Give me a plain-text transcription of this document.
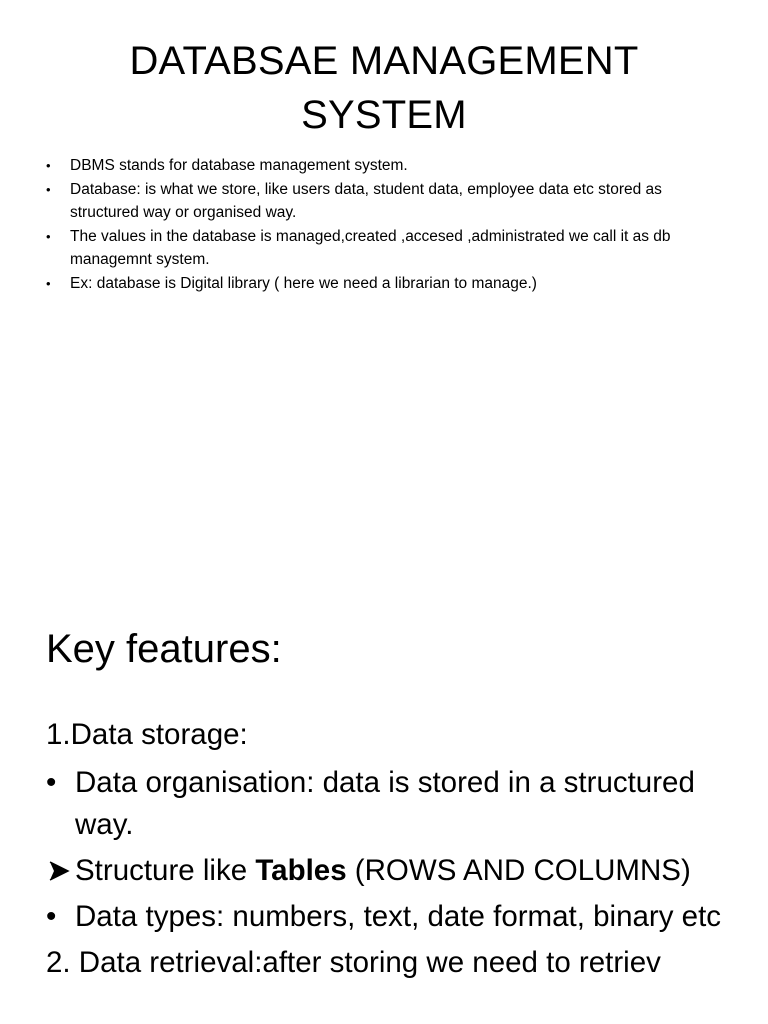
DATABSAE MANAGEMENT
SYSTEM
• DBMS stands for database management system.
• Database: is what we store, like users data, student data, employee data etc stored as structured way or organised way.
• The values in the database is managed,created ,accesed ,administrated we call it as db managemnt system.
• Ex: database is Digital library ( here we need a librarian to manage.)
Key features:
1.Data storage:
• Data organisation: data is stored in a structured way.
Structure like Tables (ROWS AND COLUMNS)
• Data types: numbers, text, date format, binary etc
2. Data retrieval:after storing we need to retriev
